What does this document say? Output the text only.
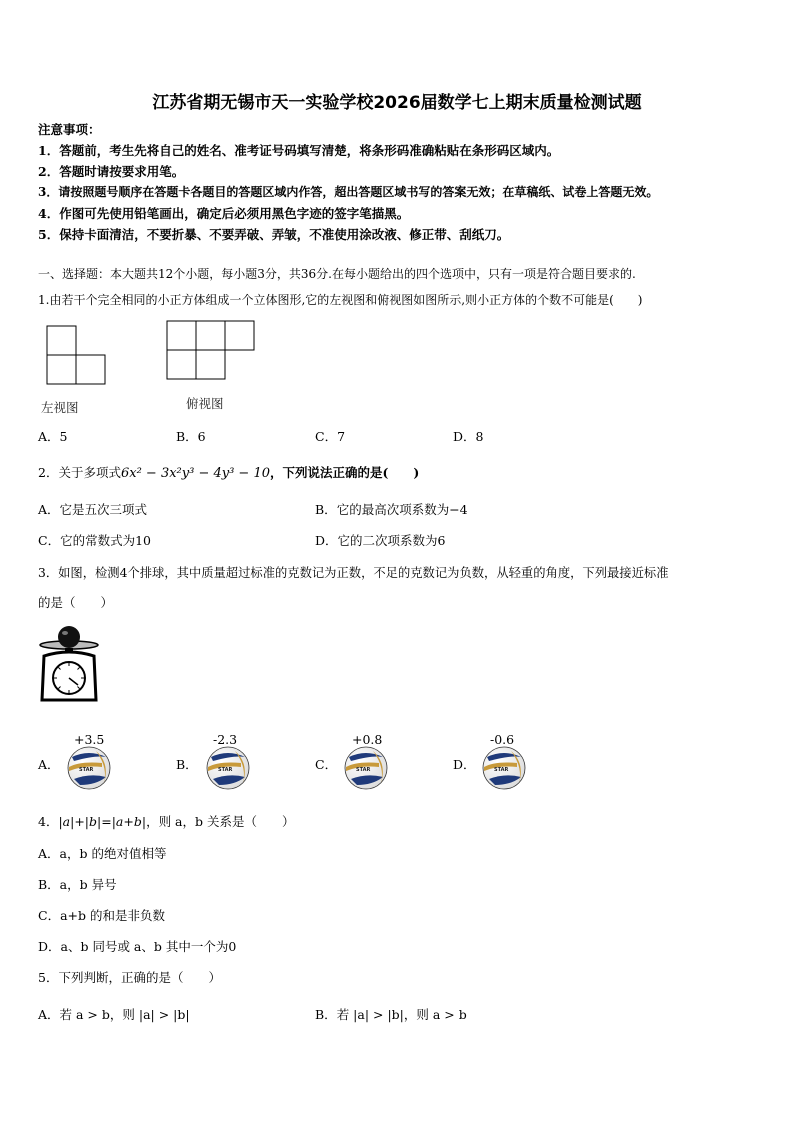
江苏省期无锡市天一实验学校2026届数学七上期末质量检测试题
注意事项：
1．答题前，考生先将自己的姓名、准考证号码填写清楚，将条形码准确粘贴在条形码区域内。
2．答题时请按要求用笔。
3．请按照题号顺序在答题卡各题目的答题区域内作答，超出答题区域书写的答案无效；在草稿纸、试卷上答题无效。
4．作图可先使用铅笔画出，确定后必须用黑色字迹的签字笔描黑。
5．保持卡面清洁，不要折暴、不要弄破、弄皱，不准使用涂改液、修正带、刮纸刀。
一、选择题：本大题共12个小题，每小题3分，共36分.在每小题给出的四个选项中，只有一项是符合题目要求的.
1.由若干个完全相同的小正方体组成一个立体图形,它的左视图和俯视图如图所示,则小正方体的个数不可能是(　　)
左视图	俯视图
A．5	B．6	C．7	D．8
2．关于多项式6x² − 3x²y³ − 4y³ − 10，下列说法正确的是(　　)
A．它是五次三项式	B．它的最高次项系数为−4
C．它的常数式为10	D．它的二次项系数为6
3．如图，检测4个排球，其中质量超过标准的克数记为正数，不足的克数记为负数，从轻重的角度，下列最接近标准
的是（　　）
A．
+3.5
B．
-2.3
C．
+0.8
D．
-0.6
4．|a|+|b|=|a+b|，则 a，b 关系是（　　）
A．a，b 的绝对值相等
B．a，b 异号
C．a+b 的和是非负数
D．a、b 同号或 a、b 其中一个为0
5．下列判断，正确的是（　　）
A．若 a > b，则 |a| > |b|	B．若 |a| > |b|，则 a > b
